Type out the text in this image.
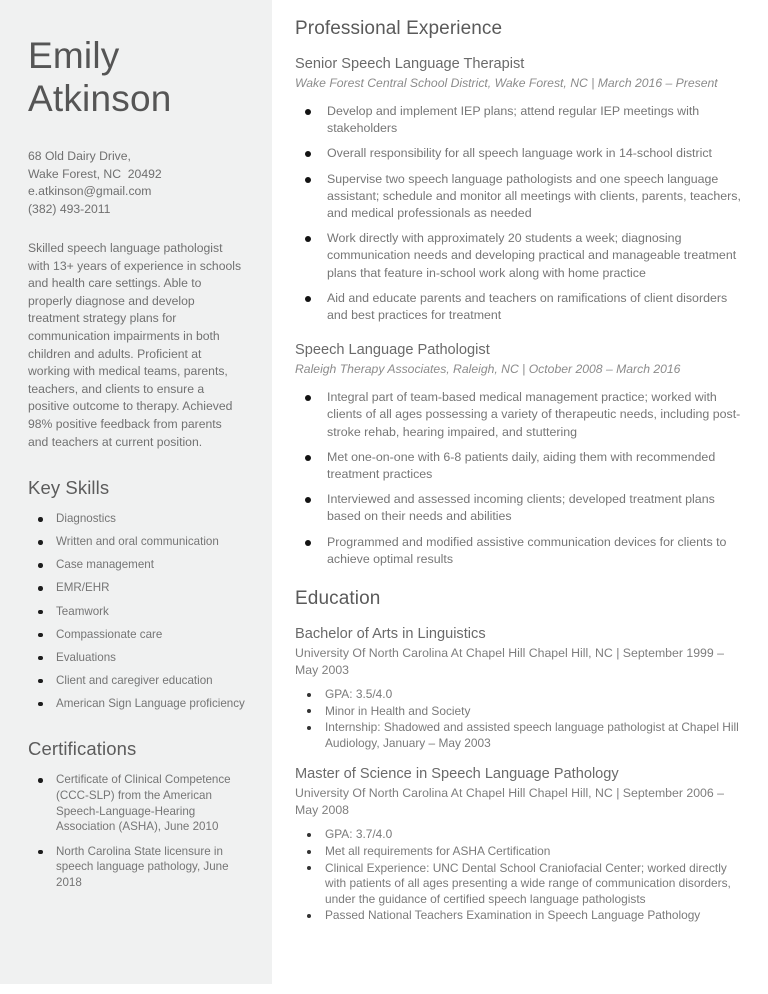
Emily
Atkinson
68 Old Dairy Drive,
Wake Forest, NC  20492
e.atkinson@gmail.com
(382) 493-2011
Skilled speech language pathologist with 13+ years of experience in schools and health care settings. Able to properly diagnose and develop treatment strategy plans for communication impairments in both children and adults. Proficient at working with medical teams, parents, teachers, and clients to ensure a positive outcome to therapy. Achieved 98% positive feedback from parents and teachers at current position.
Key Skills
Diagnostics
Written and oral communication
Case management
EMR/EHR
Teamwork
Compassionate care
Evaluations
Client and caregiver education
American Sign Language proficiency
Certifications
Certificate of Clinical Competence (CCC-SLP) from the American Speech-Language-Hearing Association (ASHA), June 2010
North Carolina State licensure in speech language pathology, June 2018
Professional Experience
Senior Speech Language Therapist
Wake Forest Central School District, Wake Forest, NC | March 2016 – Present
Develop and implement IEP plans; attend regular IEP meetings with stakeholders
Overall responsibility for all speech language work in 14-school district
Supervise two speech language pathologists and one speech language assistant; schedule and monitor all meetings with clients, parents, teachers, and medical professionals as needed
Work directly with approximately 20 students a week; diagnosing communication needs and developing practical and manageable treatment plans that feature in-school work along with home practice
Aid and educate parents and teachers on ramifications of client disorders and best practices for treatment
Speech Language Pathologist
Raleigh Therapy Associates, Raleigh, NC | October 2008 – March 2016
Integral part of team-based medical management practice; worked with clients of all ages possessing a variety of therapeutic needs, including post-stroke rehab, hearing impaired, and stuttering
Met one-on-one with 6-8 patients daily, aiding them with recommended treatment practices
Interviewed and assessed incoming clients; developed treatment plans based on their needs and abilities
Programmed and modified assistive communication devices for clients to achieve optimal results
Education
Bachelor of Arts in Linguistics
University Of North Carolina At Chapel Hill Chapel Hill, NC | September 1999 – May 2003
GPA: 3.5/4.0
Minor in Health and Society
Internship: Shadowed and assisted speech language pathologist at Chapel Hill Audiology, January – May 2003
Master of Science in Speech Language Pathology
University Of North Carolina At Chapel Hill Chapel Hill, NC | September 2006 – May 2008
GPA: 3.7/4.0
Met all requirements for ASHA Certification
Clinical Experience: UNC Dental School Craniofacial Center; worked directly with patients of all ages presenting a wide range of communication disorders, under the guidance of certified speech language pathologists
Passed National Teachers Examination in Speech Language Pathology
